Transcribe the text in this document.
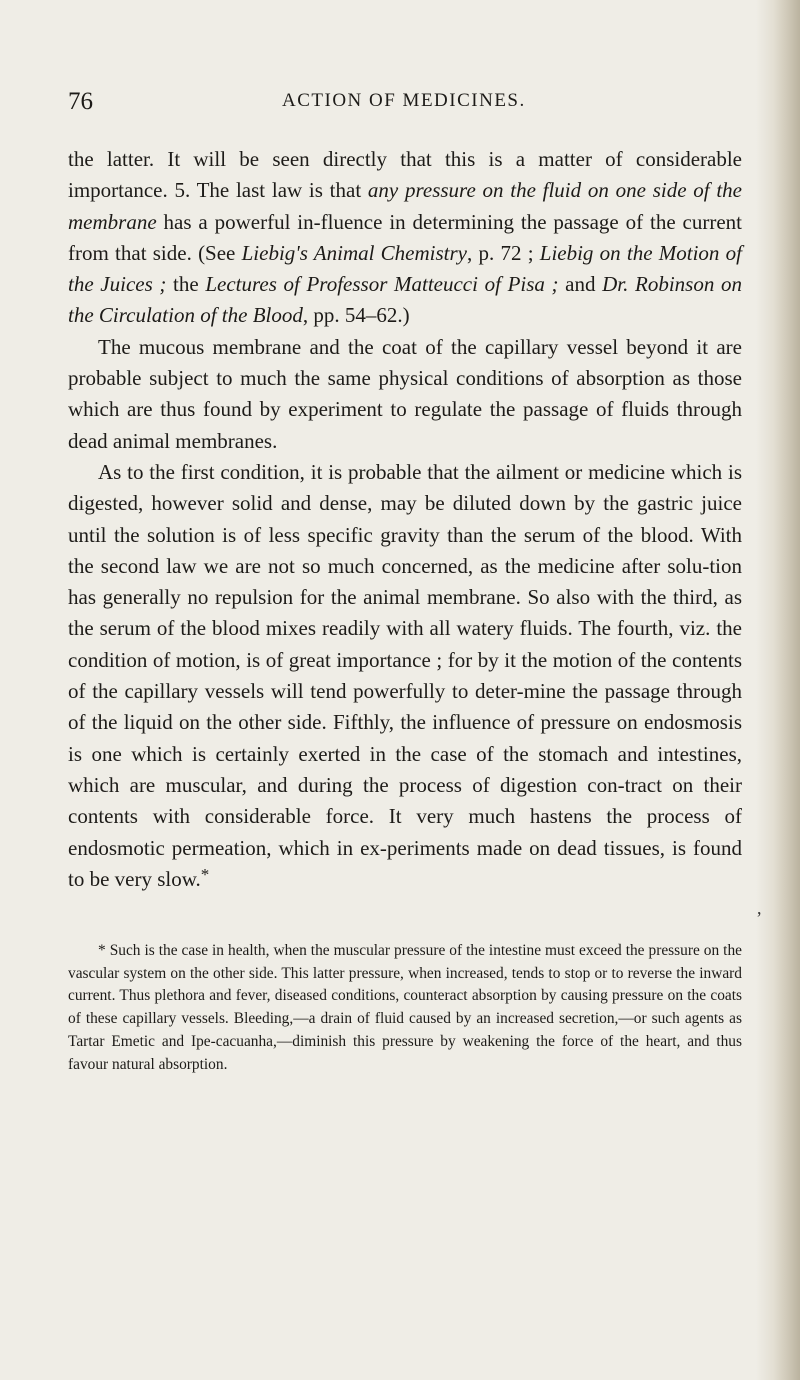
76	ACTION OF MEDICINES.

the latter. It will be seen directly that this is a matter of considerable importance. 5. The last law is that any pressure on the fluid on one side of the membrane has a powerful in-fluence in determining the passage of the current from that side. (See Liebig's Animal Chemistry, p. 72 ; Liebig on the Motion of the Juices ; the Lectures of Professor Matteucci of Pisa ; and Dr. Robinson on the Circulation of the Blood, pp. 54–62.)

The mucous membrane and the coat of the capillary vessel beyond it are probable subject to much the same physical conditions of absorption as those which are thus found by experiment to regulate the passage of fluids through dead animal membranes.

As to the first condition, it is probable that the ailment or medicine which is digested, however solid and dense, may be diluted down by the gastric juice until the solution is of less specific gravity than the serum of the blood. With the second law we are not so much concerned, as the medicine after solu-tion has generally no repulsion for the animal membrane. So also with the third, as the serum of the blood mixes readily with all watery fluids. The fourth, viz. the condition of motion, is of great importance ; for by it the motion of the contents of the capillary vessels will tend powerfully to deter-mine the passage through of the liquid on the other side. Fifthly, the influence of pressure on endosmosis is one which is certainly exerted in the case of the stomach and intestines, which are muscular, and during the process of digestion con-tract on their contents with considerable force. It very much hastens the process of endosmotic permeation, which in ex-periments made on dead tissues, is found to be very slow.*

,

* Such is the case in health, when the muscular pressure of the intestine must exceed the pressure on the vascular system on the other side. This latter pressure, when increased, tends to stop or to reverse the inward current. Thus plethora and fever, diseased conditions, counteract absorption by causing pressure on the coats of these capillary vessels. Bleeding,—a drain of fluid caused by an increased secretion,—or such agents as Tartar Emetic and Ipe-cacuanha,—diminish this pressure by weakening the force of the heart, and thus favour natural absorption.
